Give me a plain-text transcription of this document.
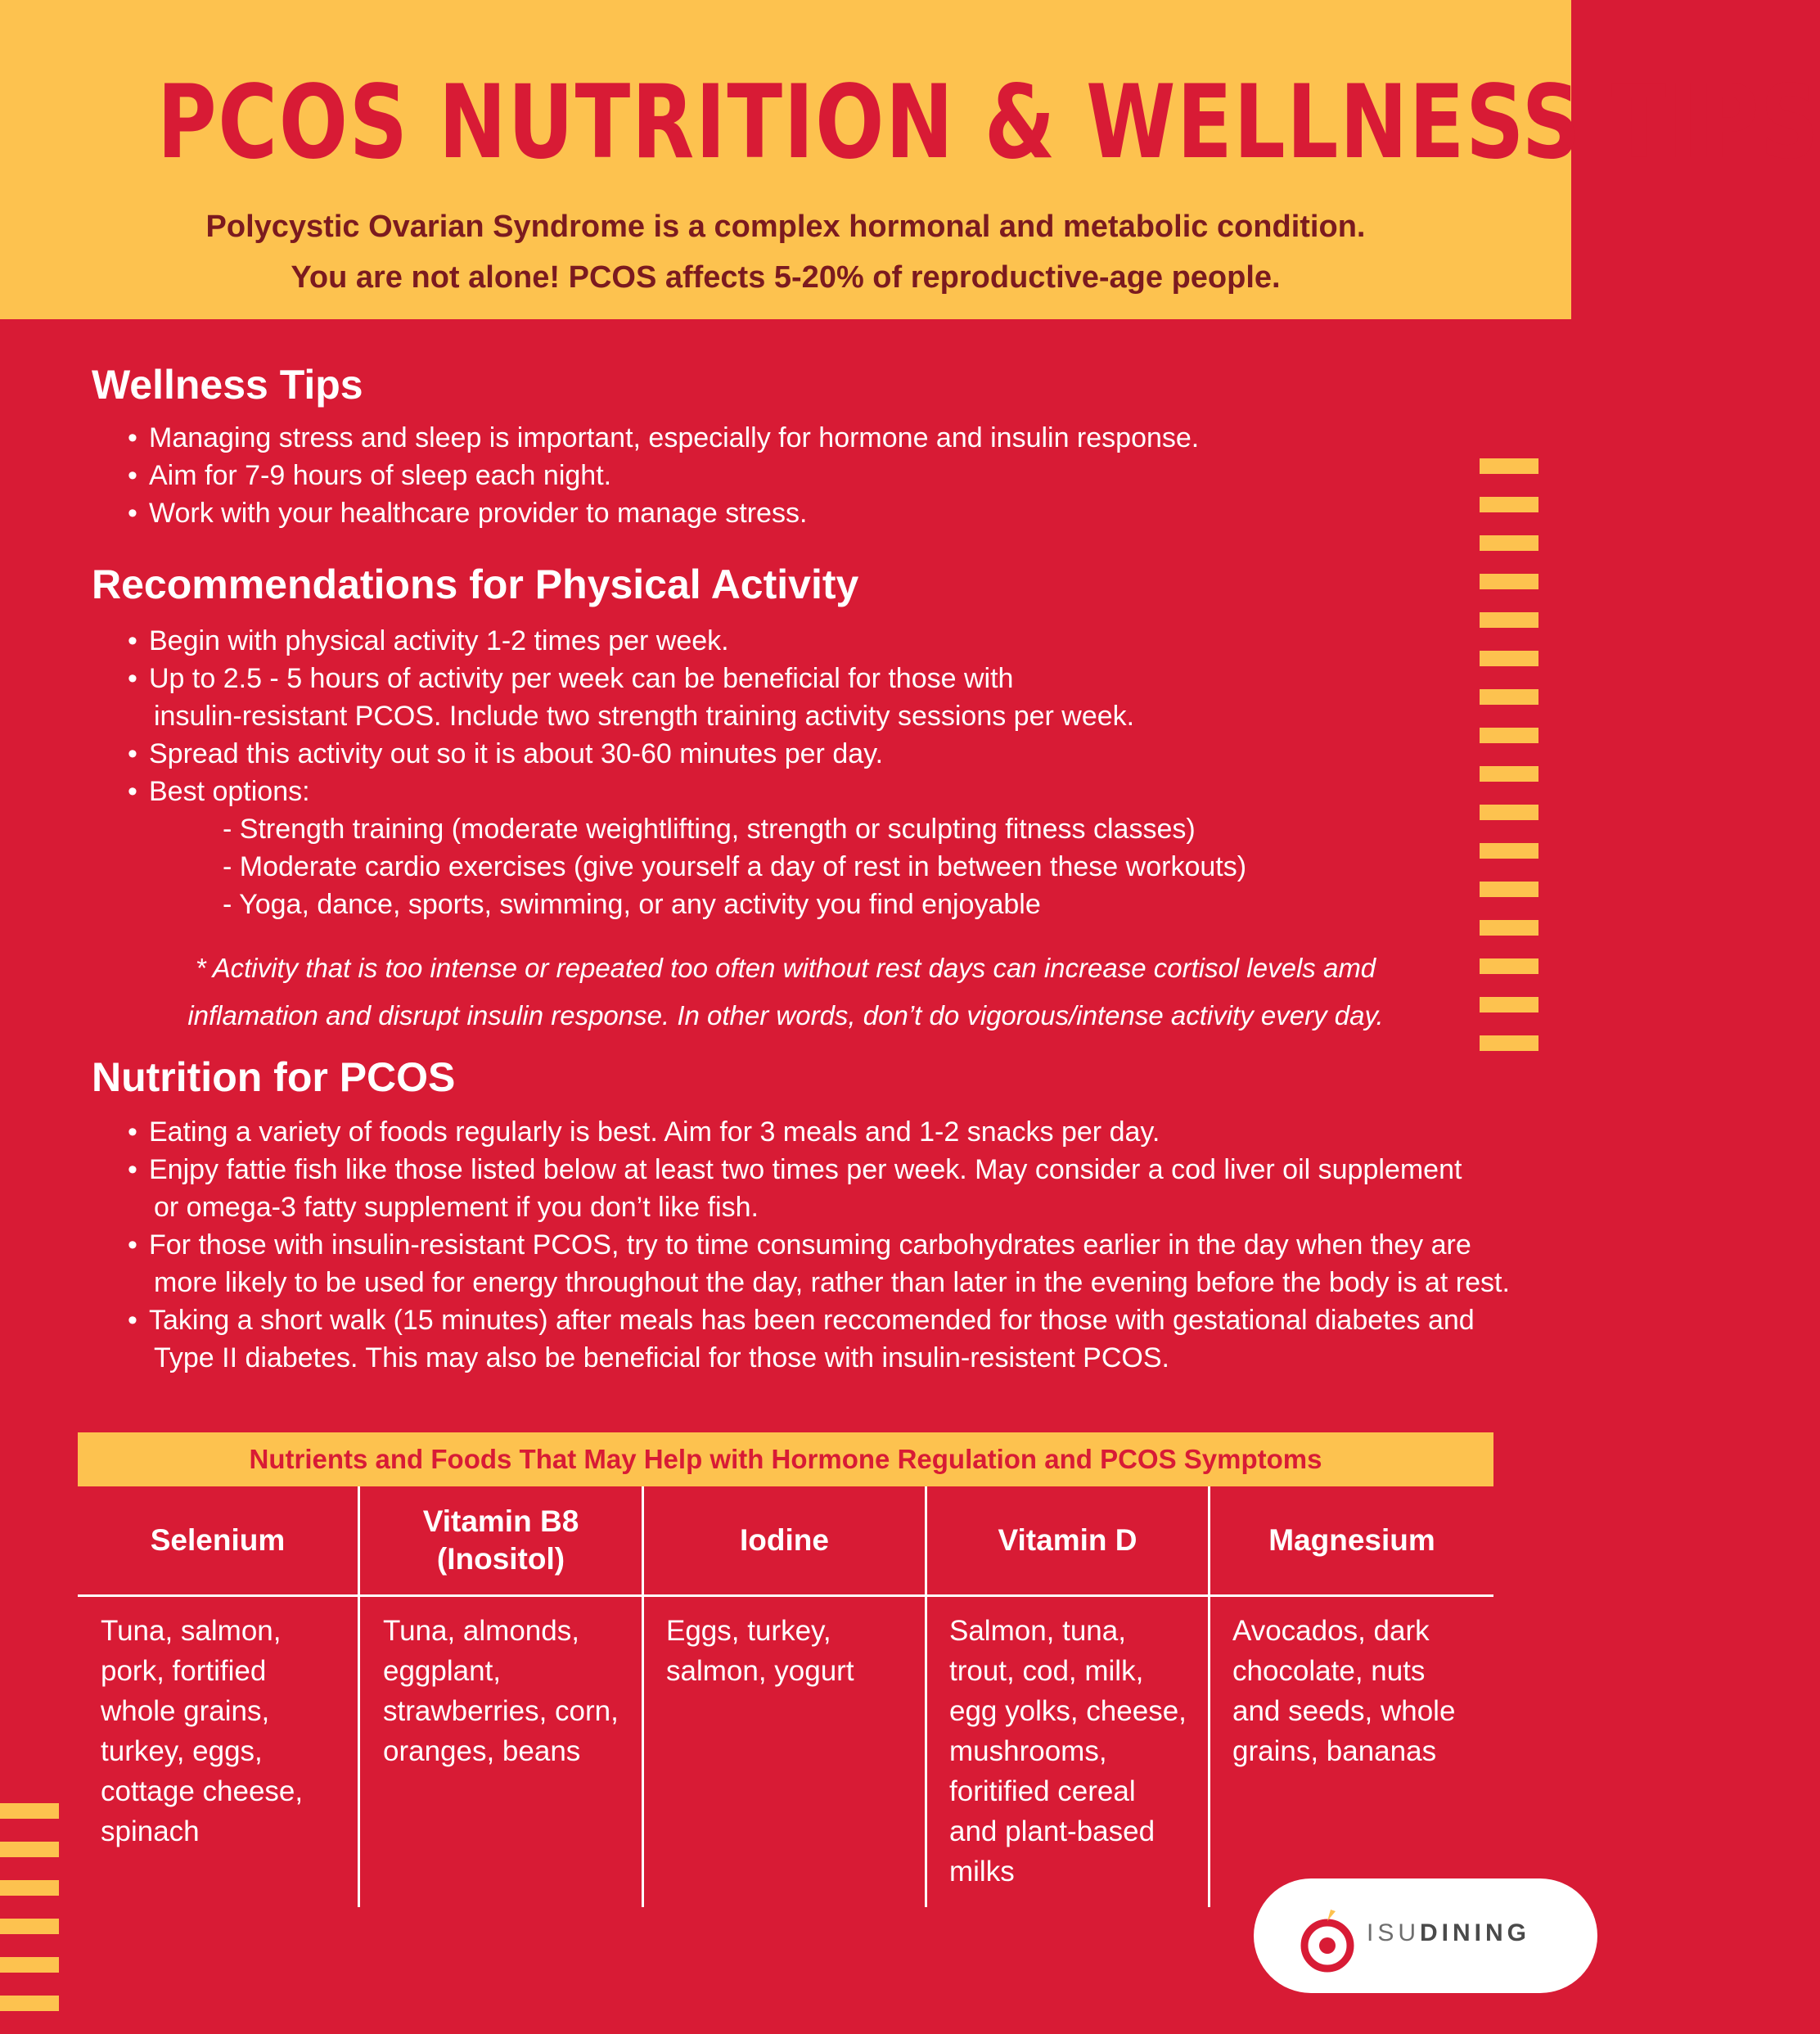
PCOS NUTRITION & WELLNESS TIPS
Polycystic Ovarian Syndrome is a complex hormonal and metabolic condition.
You are not alone! PCOS affects 5-20% of reproductive-age people.
Wellness Tips
• Managing stress and sleep is important, especially for hormone and insulin response.
• Aim for 7-9 hours of sleep each night.
• Work with your healthcare provider to manage stress.
Recommendations for Physical Activity
• Begin with physical activity 1-2 times per week.
• Up to 2.5 - 5 hours of activity per week can be beneficial for those with
insulin-resistant PCOS. Include two strength training activity sessions per week.
• Spread this activity out so it is about 30-60 minutes per day.
• Best options:
- Strength training (moderate weightlifting, strength or sculpting fitness classes)
- Moderate cardio exercises (give yourself a day of rest in between these workouts)
- Yoga, dance, sports, swimming, or any activity you find enjoyable
* Activity that is too intense or repeated too often without rest days can increase cortisol levels amd
inflamation and disrupt insulin response. In other words, don’t do vigorous/intense activity every day.
Nutrition for PCOS
• Eating a variety of foods regularly is best. Aim for 3 meals and 1-2 snacks per day.
• Enjpy fattie fish like those listed below at least two times per week. May consider a cod liver oil supplement
or omega-3 fatty supplement if you don’t like fish.
• For those with insulin-resistant PCOS, try to time consuming carbohydrates earlier in the day when they are
more likely to be used for energy throughout the day, rather than later in the evening before the body is at rest.
• Taking a short walk (15 minutes) after meals has been reccomended for those with gestational diabetes and
Type II diabetes. This may also be beneficial for those with insulin-resistent PCOS.
Nutrients and Foods That May Help with Hormone Regulation and PCOS Symptoms
Selenium
Vitamin B8
(Inositol)
Iodine	Vitamin D	Magnesium
Tuna, salmon,
pork, fortified
whole grains,
turkey, eggs,
cottage cheese,
spinach
Tuna, almonds,
eggplant,
strawberries, corn,
oranges, beans
Eggs, turkey,
salmon, yogurt
Salmon, tuna,
trout, cod, milk,
egg yolks, cheese,
mushrooms,
foritified cereal
and plant-based
milks
Avocados, dark
chocolate, nuts
and seeds, whole
grains, bananas
ISUDINING
